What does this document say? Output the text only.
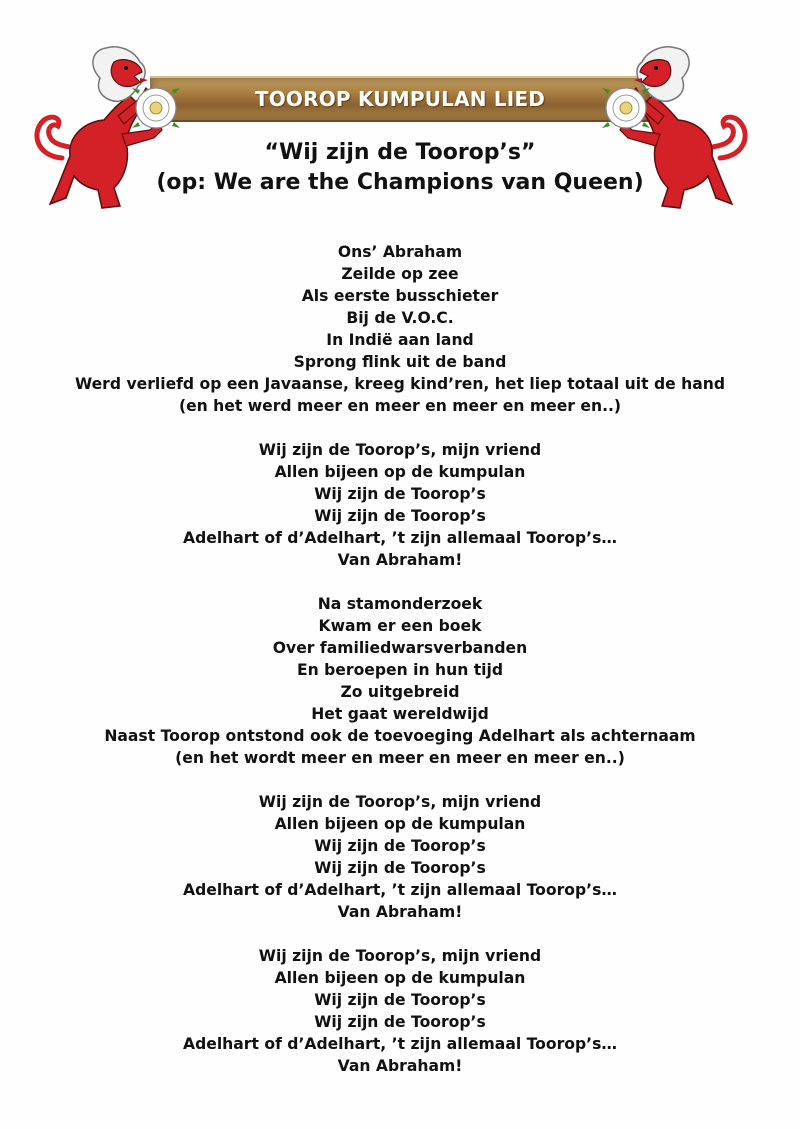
TOOROP KUMPULAN LIED
“Wij zijn de Toorop’s”
(op: We are the Champions van Queen)
Ons’ Abraham
Zeilde op zee
Als eerste busschieter
Bij de V.O.C.
In Indië aan land
Sprong flink uit de band
Werd verliefd op een Javaanse, kreeg kind’ren, het liep totaal uit de hand
(en het werd meer en meer en meer en meer en..)
Wij zijn de Toorop’s, mijn vriend
Allen bijeen op de kumpulan
Wij zijn de Toorop’s
Wij zijn de Toorop’s
Adelhart of d’Adelhart, ’t zijn allemaal Toorop’s…
Van Abraham!
Na stamonderzoek
Kwam er een boek
Over familiedwarsverbanden
En beroepen in hun tijd
Zo uitgebreid
Het gaat wereldwijd
Naast Toorop ontstond ook de toevoeging Adelhart als achternaam
(en het wordt meer en meer en meer en meer en..)
Wij zijn de Toorop’s, mijn vriend
Allen bijeen op de kumpulan
Wij zijn de Toorop’s
Wij zijn de Toorop’s
Adelhart of d’Adelhart, ’t zijn allemaal Toorop’s…
Van Abraham!
Wij zijn de Toorop’s, mijn vriend
Allen bijeen op de kumpulan
Wij zijn de Toorop’s
Wij zijn de Toorop’s
Adelhart of d’Adelhart, ’t zijn allemaal Toorop’s…
Van Abraham!
